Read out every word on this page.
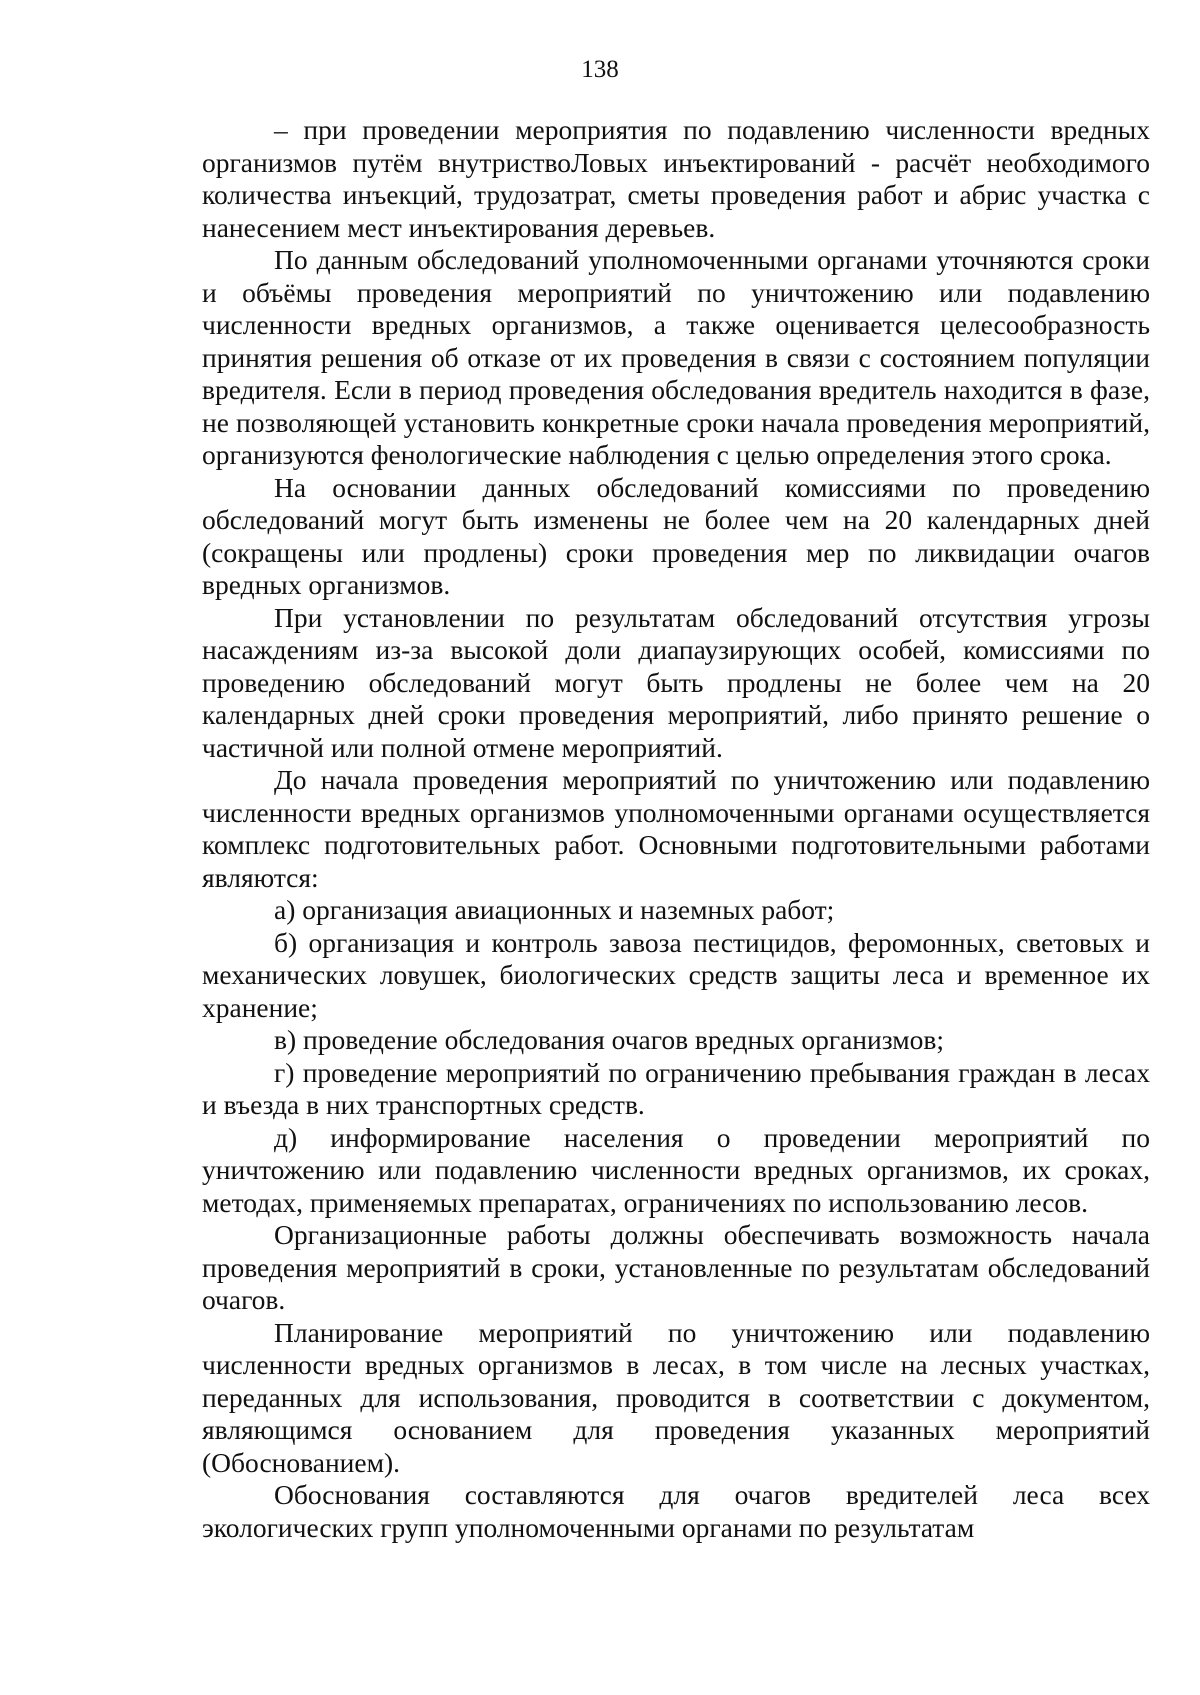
138

– при проведении мероприятия по подавлению численности вредных организмов путём внутриствоЛовых инъектирований - расчёт необходимого количества инъекций, трудозатрат, сметы проведения работ и абрис участка с нанесением мест инъектирования деревьев.

По данным обследований уполномоченными органами уточняются сроки и объёмы проведения мероприятий по уничтожению или подавлению численности вредных организмов, а также оценивается целесообразность принятия решения об отказе от их проведения в связи с состоянием популяции вредителя. Если в период проведения обследования вредитель находится в фазе, не позволяющей установить конкретные сроки начала проведения мероприятий, организуются фенологические наблюдения с целью определения этого срока.

На основании данных обследований комиссиями по проведению обследований могут быть изменены не более чем на 20 календарных дней (сокращены или продлены) сроки проведения мер по ликвидации очагов вредных организмов.

При установлении по результатам обследований отсутствия угрозы насаждениям из-за высокой доли диапаузирующих особей, комиссиями по проведению обследований могут быть продлены не более чем на 20 календарных дней сроки проведения мероприятий, либо принято решение о частичной или полной отмене мероприятий.

До начала проведения мероприятий по уничтожению или подавлению численности вредных организмов уполномоченными органами осуществляется комплекс подготовительных работ. Основными подготовительными работами являются:

а) организация авиационных и наземных работ;

б) организация и контроль завоза пестицидов, феромонных, световых и механических ловушек, биологических средств защиты леса и временное их хранение;

в) проведение обследования очагов вредных организмов;

г) проведение мероприятий по ограничению пребывания граждан в лесах и въезда в них транспортных средств.

д) информирование населения о проведении мероприятий по уничтожению или подавлению численности вредных организмов, их сроках, методах, применяемых препаратах, ограничениях по использованию лесов.

Организационные работы должны обеспечивать возможность начала проведения мероприятий в сроки, установленные по результатам обследований очагов.

Планирование мероприятий по уничтожению или подавлению численности вредных организмов в лесах, в том числе на лесных участках, переданных для использования, проводится в соответствии с документом, являющимся основанием для проведения указанных мероприятий (Обоснованием).

Обоснования составляются для очагов вредителей леса всех экологических групп уполномоченными органами по результатам
